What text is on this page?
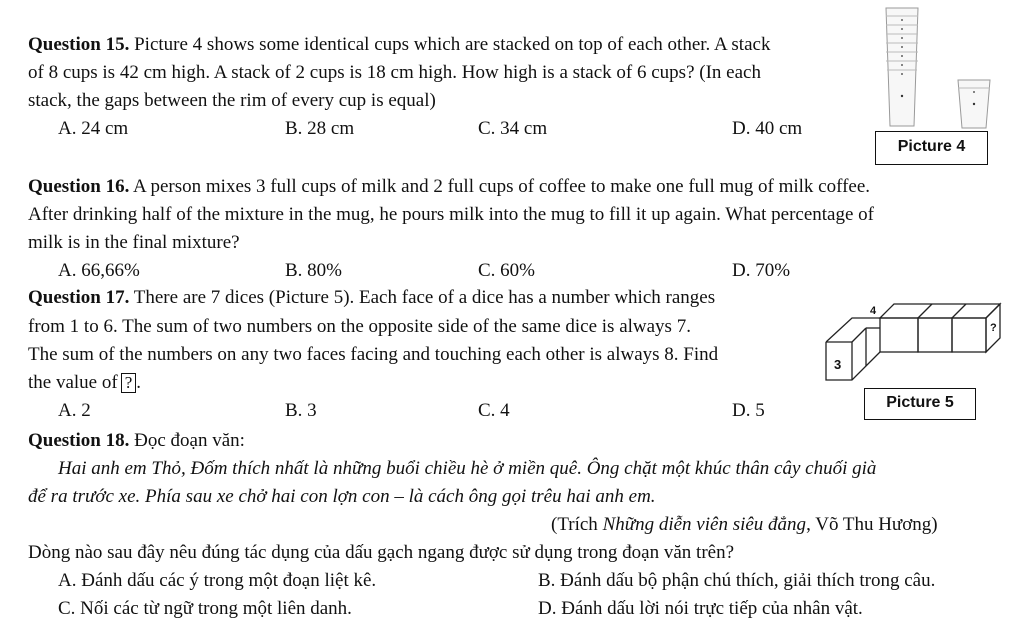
Question 15. Picture 4 shows some identical cups which are stacked on top of each other. A stack
of 8 cups is 42 cm high. A stack of 2 cups is 18 cm high. How high is a stack of 6 cups? (In each
stack, the gaps between the rim of every cup is equal)
A. 24 cm	B. 28 cm	C. 34 cm	D. 40 cm
Picture 4
Question 16. A person mixes 3 full cups of milk and 2 full cups of coffee to make one full mug of milk coffee.
After drinking half of the mixture in the mug, he pours milk into the mug to fill it up again. What percentage of
milk is in the final mixture?
A. 66,66%	B. 80%	C. 60%	D. 70%
Question 17. There are 7 dices (Picture 5). Each face of a dice has a number which ranges
from 1 to 6. The sum of two numbers on the opposite side of the same dice is always 7.
The sum of the numbers on any two faces facing and touching each other is always 8. Find
the value of ? .
A. 2	B. 3	C. 4	D. 5
4
3
?
Picture 5
Question 18. Đọc đoạn văn:
Hai anh em Thỏ, Đốm thích nhất là những buổi chiều hè ở miền quê. Ông chặt một khúc thân cây chuối già
để ra trước xe. Phía sau xe chở hai con lợn con – là cách ông gọi trêu hai anh em.
(Trích Những diễn viên siêu đẳng, Võ Thu Hương)
Dòng nào sau đây nêu đúng tác dụng của dấu gạch ngang được sử dụng trong đoạn văn trên?
A. Đánh dấu các ý trong một đoạn liệt kê.	B. Đánh dấu bộ phận chú thích, giải thích trong câu.
C. Nối các từ ngữ trong một liên danh.	D. Đánh dấu lời nói trực tiếp của nhân vật.
